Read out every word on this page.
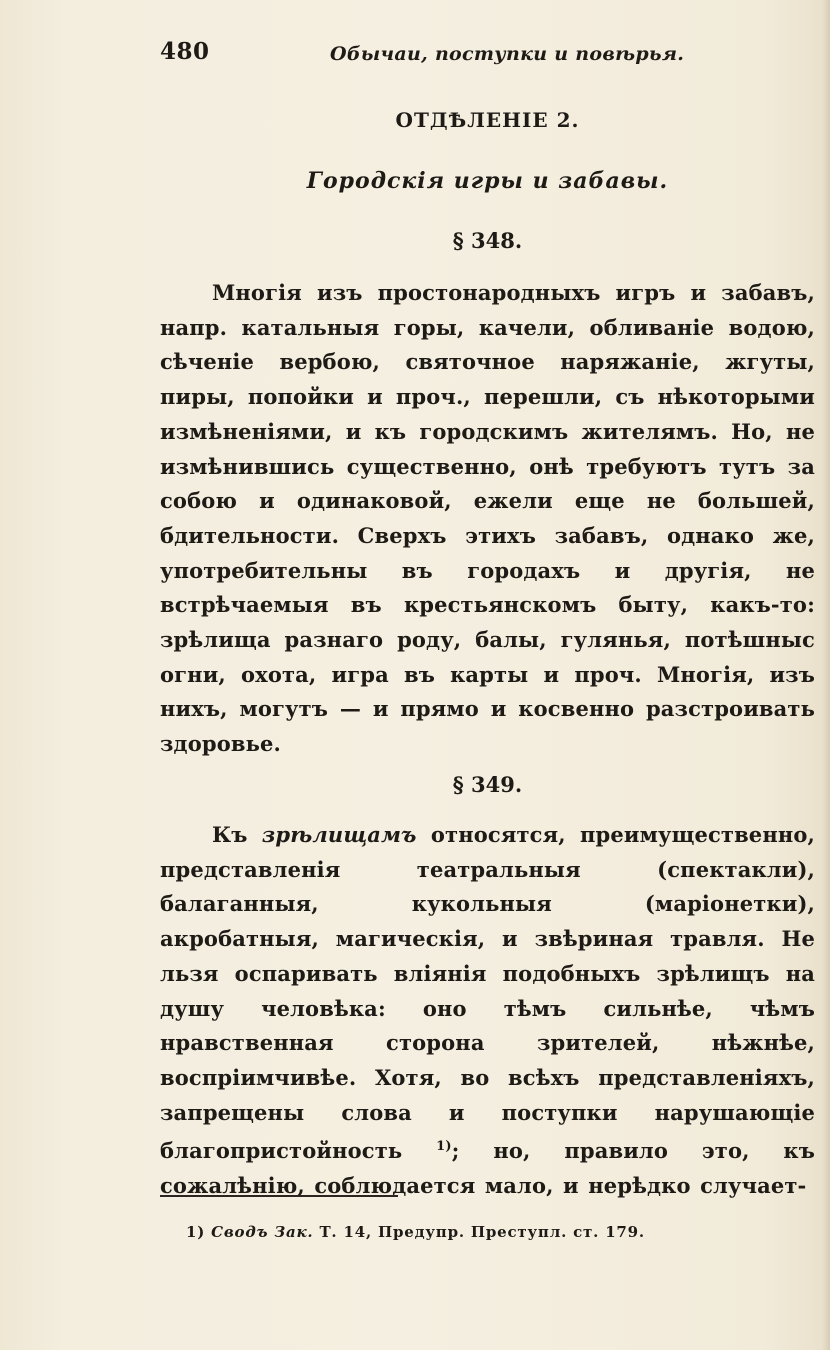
480	Обычаи, поступки и повѣрья.
ОТДѢЛЕНІЕ 2.
Городскія игры и забавы.
§ 348.
Многія изъ простонародныхъ игръ и забавъ, напр. катальныя горы, качели, обливаніе водою, сѣченіе вербою, святочное наряжаніе, жгуты, пиры, попойки и проч., перешли, съ нѣкоторыми измѣненіями, и къ городскимъ жителямъ. Но, не измѣнившись существенно, онѣ требуютъ тутъ за собою и одинаковой, ежели еще не большей, бдительности. Сверхъ этихъ забавъ, однако же, употребительны въ городахъ и другія, не встрѣчаемыя въ крестьянскомъ быту, какъ-то: зрѣлища разнаго роду, балы, гулянья, потѣшныс огни, охота, игра въ карты и проч. Многія, изъ нихъ, могутъ — и прямо и косвенно разстроивать здоровье.
§ 349.
Къ зрѣлищамъ относятся, преимущественно, представленія театральныя (спектакли), балаганныя, кукольныя (маріонетки), акробатныя, магическія, и звѣриная травля. Не льзя оспаривать вліянія подобныхъ зрѣлищъ на душу человѣка: оно тѣмъ сильнѣе, чѣмъ нравственная сторона зрителей, нѣжнѣе, воспріимчивѣе. Хотя, во всѣхъ представленіяхъ, запрещены слова и поступки нарушающіе благопристойность	$^{1)}$; но, правило это, къ сожалѣнію, соблюдается мало, и нерѣдко случает-
1) Сводъ Зак. Т. 14, Предупр. Преступл. ст. 179.
